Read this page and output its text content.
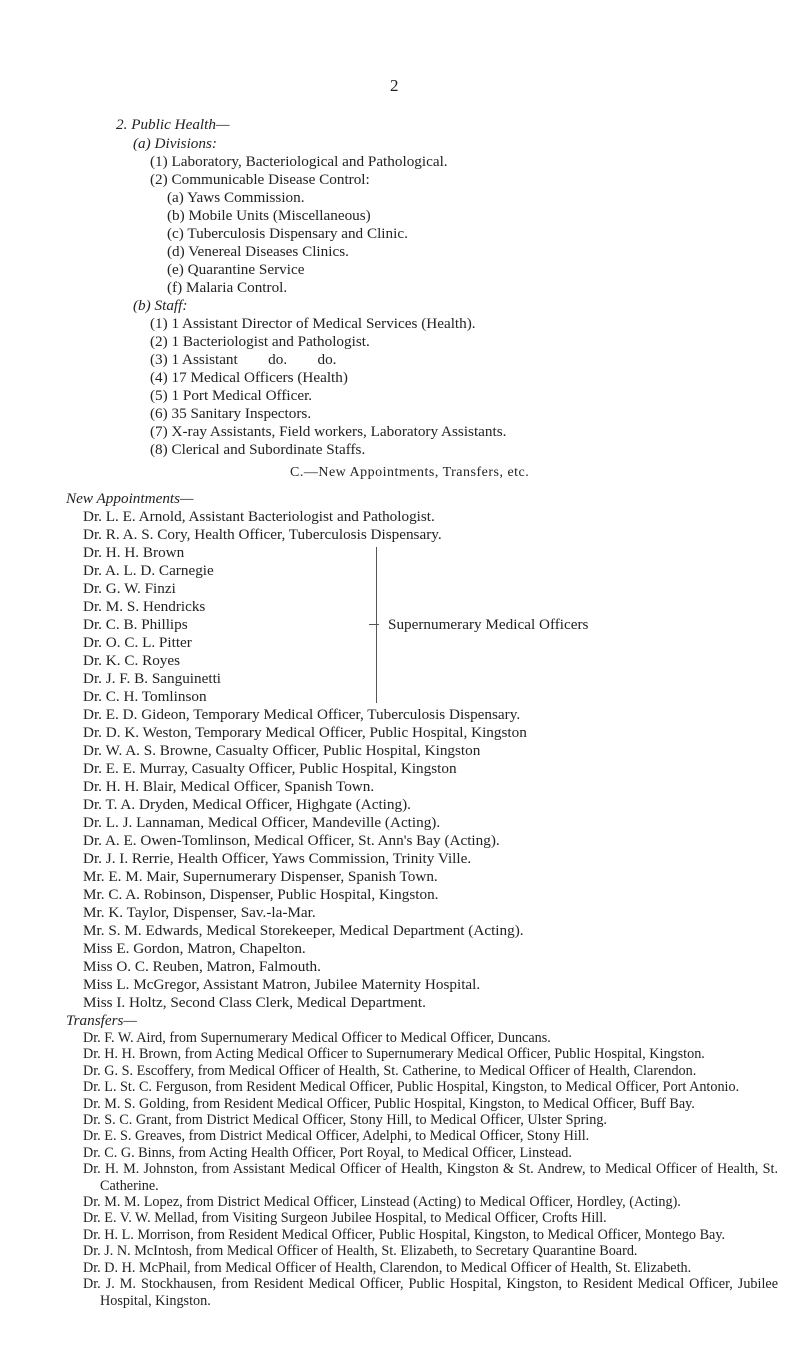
2
2. Public Health—
(a) Divisions:
(1) Laboratory, Bacteriological and Pathological.
(2) Communicable Disease Control:
(a) Yaws Commission.
(b) Mobile Units (Miscellaneous)
(c) Tuberculosis Dispensary and Clinic.
(d) Venereal Diseases Clinics.
(e) Quarantine Service
(f) Malaria Control.
(b) Staff:
(1) 1 Assistant Director of Medical Services (Health).
(2) 1 Bacteriologist and Pathologist.
(3) 1 Assistant        do.        do.
(4) 17 Medical Officers (Health)
(5) 1 Port Medical Officer.
(6) 35 Sanitary Inspectors.
(7) X-ray Assistants, Field workers, Laboratory Assistants.
(8) Clerical and Subordinate Staffs.
C.—New Appointments, Transfers, etc.
New Appointments—
Dr. L. E. Arnold, Assistant Bacteriologist and Pathologist.
Dr. R. A. S. Cory, Health Officer, Tuberculosis Dispensary.
Dr. H. H. Brown
Dr. A. L. D. Carnegie
Dr. G. W. Finzi
Dr. M. S. Hendricks
Dr. C. B. Phillips
Dr. O. C. L. Pitter
Dr. K. C. Royes
Dr. J. F. B. Sanguinetti
Dr. C. H. Tomlinson
Supernumerary Medical Officers
Dr. E. D. Gideon, Temporary Medical Officer, Tuberculosis Dispensary.
Dr. D. K. Weston, Temporary Medical Officer, Public Hospital, Kingston
Dr. W. A. S. Browne, Casualty Officer, Public Hospital, Kingston
Dr. E. E. Murray, Casualty Officer, Public Hospital, Kingston
Dr. H. H. Blair, Medical Officer, Spanish Town.
Dr. T. A. Dryden, Medical Officer, Highgate (Acting).
Dr. L. J. Lannaman, Medical Officer, Mandeville (Acting).
Dr. A. E. Owen-Tomlinson, Medical Officer, St. Ann's Bay (Acting).
Dr. J. I. Rerrie, Health Officer, Yaws Commission, Trinity Ville.
Mr. E. M. Mair, Supernumerary Dispenser, Spanish Town.
Mr. C. A. Robinson, Dispenser, Public Hospital, Kingston.
Mr. K. Taylor, Dispenser, Sav.-la-Mar.
Mr. S. M. Edwards, Medical Storekeeper, Medical Department (Acting).
Miss E. Gordon, Matron, Chapelton.
Miss O. C. Reuben, Matron, Falmouth.
Miss L. McGregor, Assistant Matron, Jubilee Maternity Hospital.
Miss I. Holtz, Second Class Clerk, Medical Department.
Transfers—
Dr. F. W. Aird, from Supernumerary Medical Officer to Medical Officer, Duncans.
Dr. H. H. Brown, from Acting Medical Officer to Supernumerary Medical Officer, Public Hospital, Kingston.
Dr. G. S. Escoffery, from Medical Officer of Health, St. Catherine, to Medical Officer of Health, Clarendon.
Dr. L. St. C. Ferguson, from Resident Medical Officer, Public Hospital, Kingston, to Medical Officer, Port Antonio.
Dr. M. S. Golding, from Resident Medical Officer, Public Hospital, Kingston, to Medical Officer, Buff Bay.
Dr. S. C. Grant, from District Medical Officer, Stony Hill, to Medical Officer, Ulster Spring.
Dr. E. S. Greaves, from District Medical Officer, Adelphi, to Medical Officer, Stony Hill.
Dr. C. G. Binns, from Acting Health Officer, Port Royal, to Medical Officer, Linstead.
Dr. H. M. Johnston, from Assistant Medical Officer of Health, Kingston & St. Andrew, to Medical Officer of Health, St. Catherine.
Dr. M. M. Lopez, from District Medical Officer, Linstead (Acting) to Medical Officer, Hordley, (Acting).
Dr. E. V. W. Mellad, from Visiting Surgeon Jubilee Hospital, to Medical Officer, Crofts Hill.
Dr. H. L. Morrison, from Resident Medical Officer, Public Hospital, Kingston, to Medical Officer, Montego Bay.
Dr. J. N. McIntosh, from Medical Officer of Health, St. Elizabeth, to Secretary Quarantine Board.
Dr. D. H. McPhail, from Medical Officer of Health, Clarendon, to Medical Officer of Health, St. Elizabeth.
Dr. J. M. Stockhausen, from Resident Medical Officer, Public Hospital, Kingston, to Resident Medical Officer, Jubilee Hospital, Kingston.
